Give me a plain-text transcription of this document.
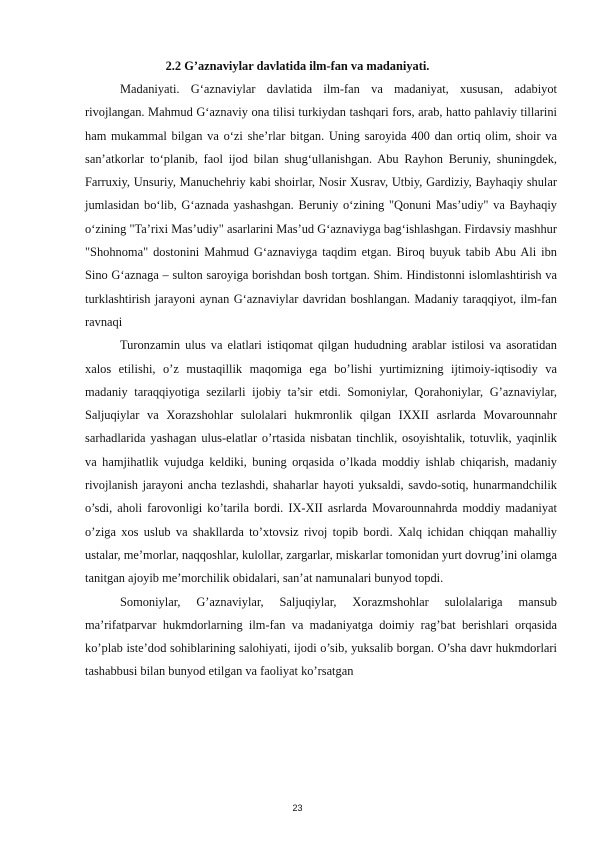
2.2 G’aznaviylar davlatida ilm-fan va madaniyati.

Madaniyati. G‘aznaviylar davlatida ilm-fan va madaniyat, xususan, adabiyot rivojlangan. Mahmud G‘aznaviy ona tilisi turkiydan tashqari fors, arab, hatto pahlaviy tillarini ham mukammal bilgan va o‘zi she’rlar bitgan. Uning saroyida 400 dan ortiq olim, shoir va san’atkorlar to‘planib, faol ijod bilan shug‘ullanishgan. Abu Rayhon Beruniy, shuningdek, Farruxiy, Unsuriy, Manuchehriy kabi shoirlar, Nosir Xusrav, Utbiy, Gardiziy, Bayhaqiy shular jumlasidan bo‘lib, G‘aznada yashashgan. Beruniy o‘zining "Qonuni Mas’udiy" va Bayhaqiy o‘zining "Ta’rixi Mas’udiy" asarlarini Mas’ud G‘aznaviyga bag‘ishlashgan. Firdavsiy mashhur "Shohnoma" dostonini Mahmud G‘aznaviyga taqdim etgan. Biroq buyuk tabib Abu Ali ibn Sino G‘aznaga – sulton saroyiga borishdan bosh tortgan. Shim. Hindistonni islomlashtirish va turklashtirish jarayoni aynan G‘aznaviylar davridan boshlangan. Madaniy taraqqiyot, ilm-fan ravnaqi

Turonzamin ulus va elatlari istiqomat qilgan hududning arablar istilosi va asoratidan xalos etilishi, o’z mustaqillik maqomiga ega bo’lishi yurtimizning ijtimoiy-iqtisodiy va madaniy taraqqiyotiga sezilarli ijobiy ta’sir etdi. Somoniylar, Qorahoniylar, G’aznaviylar, Saljuqiylar va Xorazshohlar sulolalari hukmronlik qilgan IXXII asrlarda Movarounnahr sarhadlarida yashagan ulus-elatlar o’rtasida nisbatan tinchlik, osoyishtalik, totuvlik, yaqinlik va hamjihatlik vujudga keldiki, buning orqasida o’lkada moddiy ishlab chiqarish, madaniy rivojlanish jarayoni ancha tezlashdi, shaharlar hayoti yuksaldi, savdo-sotiq, hunarmandchilik o’sdi, aholi farovonligi ko’tarila bordi. IX-XII asrlarda Movarounnahrda moddiy madaniyat o’ziga xos uslub va shakllarda to’xtovsiz rivoj topib bordi. Xalq ichidan chiqqan mahalliy ustalar, me’morlar, naqqoshlar, kulollar, zargarlar, miskarlar tomonidan yurt dovrug’ini olamga tanitgan ajoyib me’morchilik obidalari, san’at namunalari bunyod topdi.

Somoniylar, G’aznaviylar, Saljuqiylar, Xorazmshohlar sulolalariga mansub ma’rifatparvar hukmdorlarning ilm-fan va madaniyatga doimiy rag’bat berishlari orqasida ko’plab iste’dod sohiblarining salohiyati, ijodi o’sib, yuksalib borgan. O’sha davr hukmdorlari tashabbusi bilan bunyod etilgan va faoliyat ko’rsatgan

23
